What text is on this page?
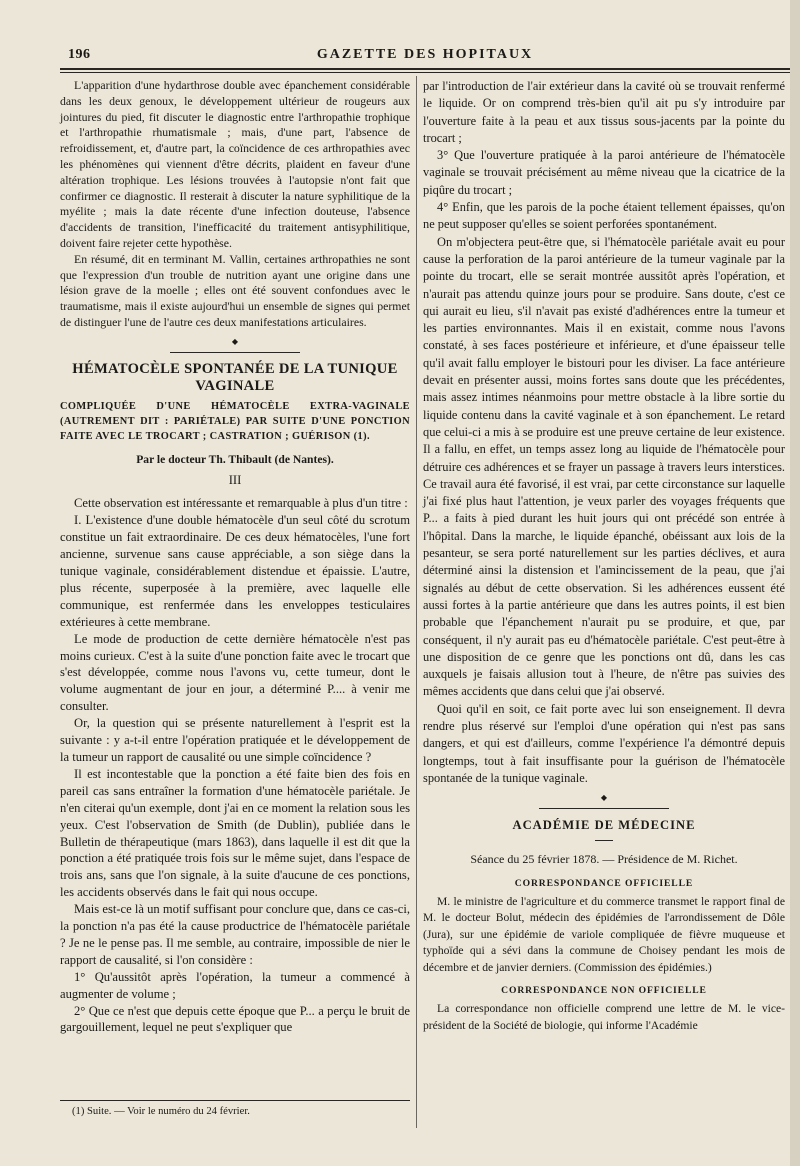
196	GAZETTE DES HOPITAUX

L'apparition d'une hydarthrose double avec épanchement considérable dans les deux genoux, le développement ultérieur de rougeurs aux jointures du pied, fit discuter le diagnostic entre l'arthropathie trophique et l'arthropathie rhumatismale ; mais, d'une part, l'absence de refroidissement, et, d'autre part, la coïncidence de ces arthropathies avec les phénomènes qui viennent d'être décrits, plaident en faveur d'une altération trophique. Les lésions trouvées à l'autopsie n'ont fait que confirmer ce diagnostic. Il resterait à discuter la nature syphilitique de la myélite ; mais la date récente d'une infection douteuse, l'absence d'accidents de transition, l'inefficacité du traitement antisyphilitique, doivent faire rejeter cette hypothèse.

En résumé, dit en terminant M. Vallin, certaines arthropathies ne sont que l'expression d'un trouble de nutrition ayant une origine dans une lésion grave de la moelle ; elles ont été souvent confondues avec le traumatisme, mais il existe aujourd'hui un ensemble de signes qui permet de distinguer l'une de l'autre ces deux manifestations articulaires.

◆
HÉMATOCÈLE SPONTANÉE DE LA TUNIQUE VAGINALE

COMPLIQUÉE D'UNE HÉMATOCÈLE EXTRA-VAGINALE (AUTREMENT DIT : PARIÉTALE) PAR SUITE D'UNE PONCTION FAITE AVEC LE TROCART ; CASTRATION ; GUÉRISON (1).

Par le docteur Th. Thibault (de Nantes).
III

Cette observation est intéressante et remarquable à plus d'un titre :

I. L'existence d'une double hématocèle d'un seul côté du scrotum constitue un fait extraordinaire. De ces deux hématocèles, l'une fort ancienne, survenue sans cause appréciable, a son siège dans la tunique vaginale, considérablement distendue et épaissie. L'autre, plus récente, superposée à la première, avec laquelle elle communique, est renfermée dans les enveloppes testiculaires extérieures à cette membrane.

Le mode de production de cette dernière hématocèle n'est pas moins curieux. C'est à la suite d'une ponction faite avec le trocart que s'est développée, comme nous l'avons vu, cette tumeur, dont le volume augmentant de jour en jour, a déterminé P.... à venir me consulter.

Or, la question qui se présente naturellement à l'esprit est la suivante : y a-t-il entre l'opération pratiquée et le développement de la tumeur un rapport de causalité ou une simple coïncidence ?

Il est incontestable que la ponction a été faite bien des fois en pareil cas sans entraîner la formation d'une hématocèle pariétale. Je n'en citerai qu'un exemple, dont j'ai en ce moment la relation sous les yeux. C'est l'observation de Smith (de Dublin), publiée dans le Bulletin de thérapeutique (mars 1863), dans laquelle il est dit que la ponction a été pratiquée trois fois sur le même sujet, dans l'espace de trois ans, sans que l'on signale, à la suite d'aucune de ces ponctions, les accidents observés dans le fait qui nous occupe.

Mais est-ce là un motif suffisant pour conclure que, dans ce cas-ci, la ponction n'a pas été la cause productrice de l'hématocèle pariétale ? Je ne le pense pas. Il me semble, au contraire, impossible de nier le rapport de causalité, si l'on considère :

1° Qu'aussitôt après l'opération, la tumeur a commencé à augmenter de volume ;

2° Que ce n'est que depuis cette époque que P... a perçu le bruit de gargouillement, lequel ne peut s'expliquer que

(1) Suite. — Voir le numéro du 24 février.

par l'introduction de l'air extérieur dans la cavité où se trouvait renfermé le liquide. Or on comprend très-bien qu'il ait pu s'y introduire par l'ouverture faite à la peau et aux tissus sous-jacents par la pointe du trocart ;

3° Que l'ouverture pratiquée à la paroi antérieure de l'hématocèle vaginale se trouvait précisément au même niveau que la cicatrice de la piqûre du trocart ;

4° Enfin, que les parois de la poche étaient tellement épaisses, qu'on ne peut supposer qu'elles se soient perforées spontanément.

On m'objectera peut-être que, si l'hématocèle pariétale avait eu pour cause la perforation de la paroi antérieure de la tumeur vaginale par la pointe du trocart, elle se serait montrée aussitôt après l'opération, et n'aurait pas attendu quinze jours pour se produire. Sans doute, c'est ce qui aurait eu lieu, s'il n'avait pas existé d'adhérences entre la tumeur et les parties environnantes. Mais il en existait, comme nous l'avons constaté, à ses faces postérieure et inférieure, et d'une épaisseur telle qu'il avait fallu employer le bistouri pour les diviser. La face antérieure devait en présenter aussi, moins fortes sans doute que les précédentes, mais assez intimes néanmoins pour mettre obstacle à la libre sortie du liquide contenu dans la cavité vaginale et à son épanchement. Le retard que celui-ci a mis à se produire est une preuve certaine de leur existence. Il a fallu, en effet, un temps assez long au liquide de l'hématocèle pour détruire ces adhérences et se frayer un passage à travers leurs interstices. Ce travail aura été favorisé, il est vrai, par cette circonstance sur laquelle j'ai fixé plus haut l'attention, je veux parler des voyages fréquents que P... a faits à pied durant les huit jours qui ont précédé son entrée à l'hôpital. Dans la marche, le liquide épanché, obéissant aux lois de la pesanteur, se sera porté naturellement sur les parties déclives, et aura déterminé ainsi la distension et l'amincissement de la peau, que j'ai signalés au début de cette observation. Si les adhérences eussent été aussi fortes à la partie antérieure que dans les autres points, il est bien probable que l'épanchement n'aurait pu se produire, et que, par conséquent, il n'y aurait pas eu d'hématocèle pariétale. C'est peut-être à une disposition de ce genre que les ponctions ont dû, dans les cas auxquels je faisais allusion tout à l'heure, de n'être pas suivies des mêmes accidents que dans celui que j'ai observé.

Quoi qu'il en soit, ce fait porte avec lui son enseignement. Il devra rendre plus réservé sur l'emploi d'une opération qui n'est pas sans dangers, et qui est d'ailleurs, comme l'expérience l'a démontré depuis longtemps, tout à fait insuffisante pour la guérison de l'hématocèle spontanée de la tunique vaginale.

◆
ACADÉMIE DE MÉDECINE
Séance du 25 février 1878. — Présidence de M. Richet.
CORRESPONDANCE OFFICIELLE

M. le ministre de l'agriculture et du commerce transmet le rapport final de M. le docteur Bolut, médecin des épidémies de l'arrondissement de Dôle (Jura), sur une épidémie de variole compliquée de fièvre muqueuse et typhoïde qui a sévi dans la commune de Choisey pendant les mois de décembre et de janvier derniers. (Commission des épidémies.)

CORRESPONDANCE NON OFFICIELLE

La correspondance non officielle comprend une lettre de M. le vice-président de la Société de biologie, qui informe l'Académie
